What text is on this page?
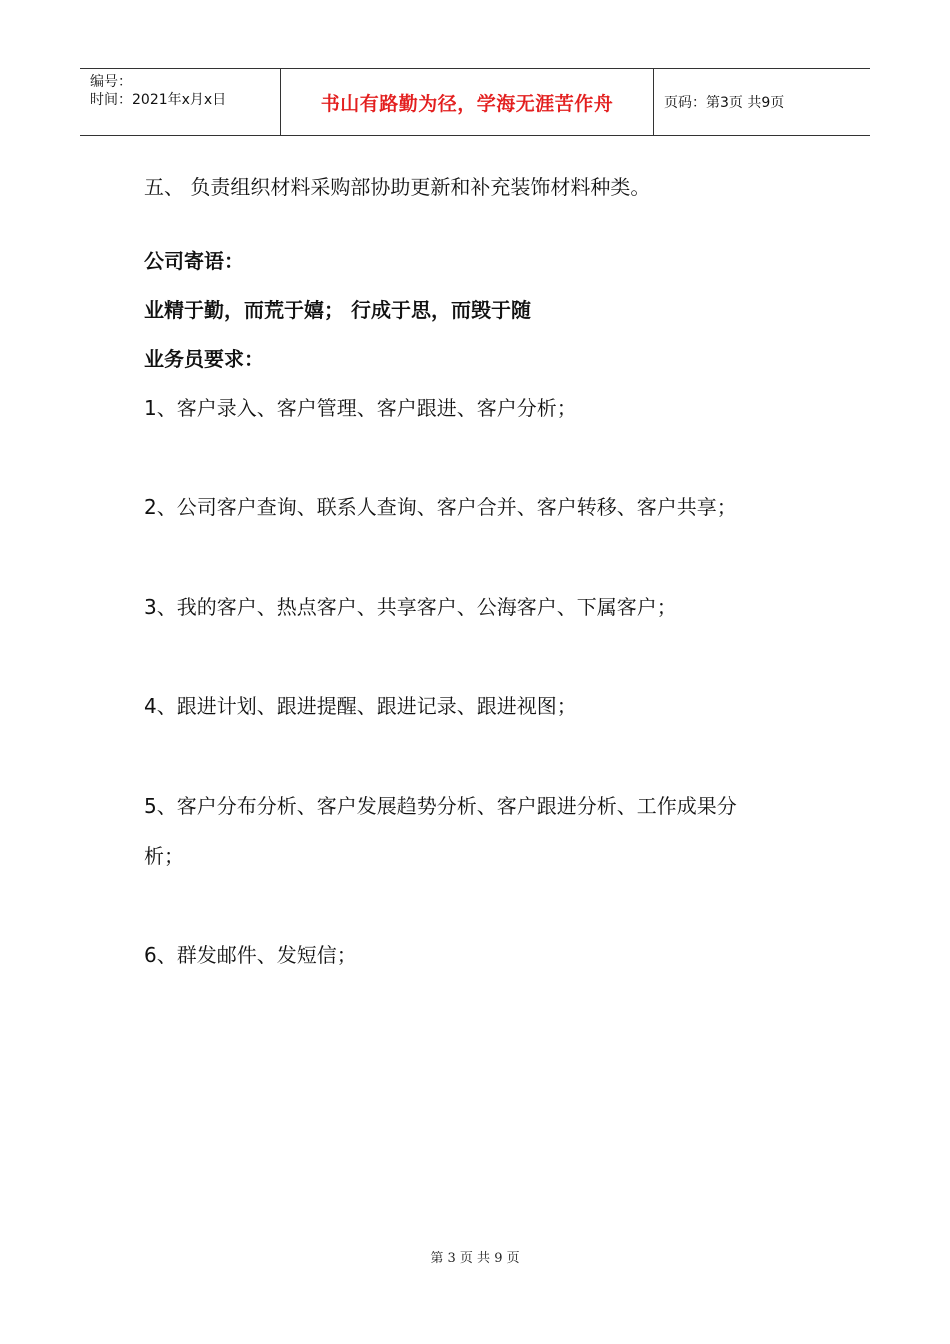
编号：
时间：2021年x月x日	书山有路勤为径，学海无涯苦作舟	页码：第3页 共9页
五、 负责组织材料采购部协助更新和补充装饰材料种类。
公司寄语：
业精于勤，而荒于嬉； 行成于思，而毁于随
业务员要求：
1、客户录入、客户管理、客户跟进、客户分析；
2、公司客户查询、联系人查询、客户合并、客户转移、客户共享；
3、我的客户、热点客户、共享客户、公海客户、下属客户；
4、跟进计划、跟进提醒、跟进记录、跟进视图；
5、客户分布分析、客户发展趋势分析、客户跟进分析、工作成果分
析；
6、群发邮件、发短信；
第 3 页 共 9 页
